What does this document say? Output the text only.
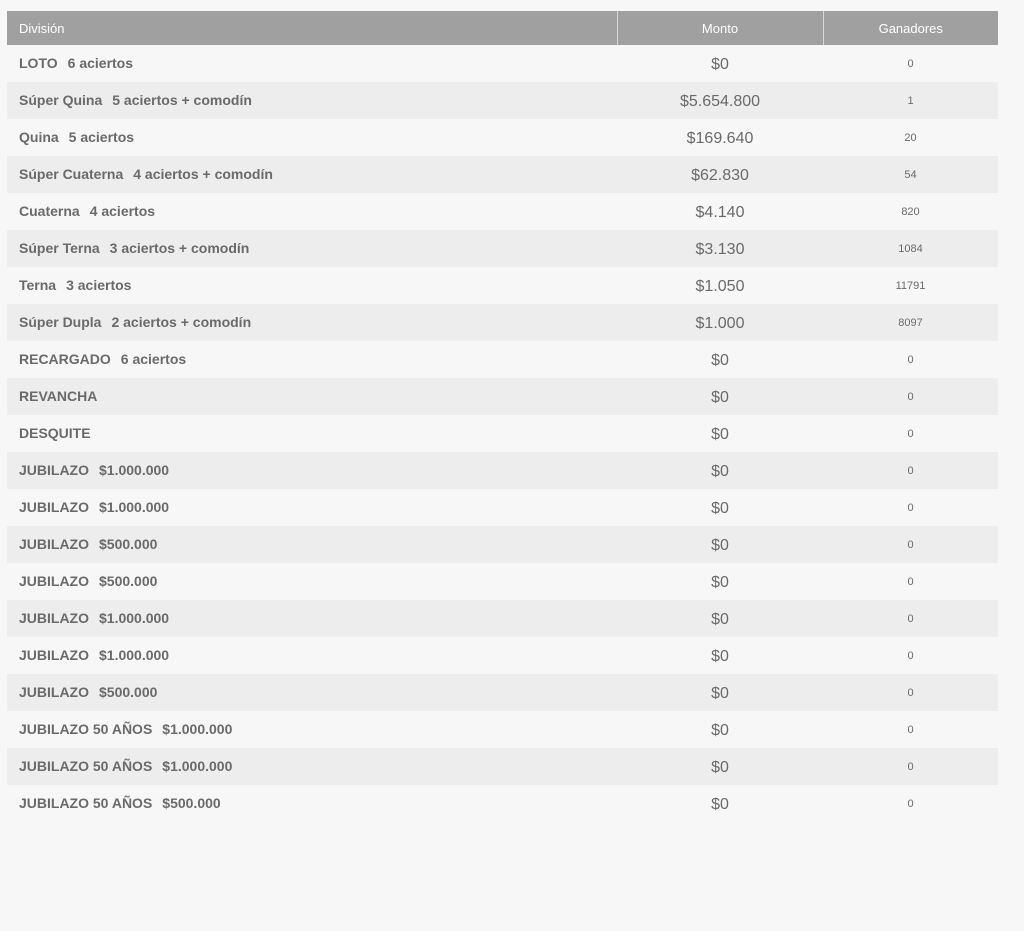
División	Monto	Ganadores
LOTO 6 aciertos	$0	0
Súper Quina 5 aciertos + comodín	$5.654.800	1
Quina 5 aciertos	$169.640	20
Súper Cuaterna 4 aciertos + comodín	$62.830	54
Cuaterna 4 aciertos	$4.140	820
Súper Terna 3 aciertos + comodín	$3.130	1084
Terna 3 aciertos	$1.050	11791
Súper Dupla 2 aciertos + comodín	$1.000	8097
RECARGADO 6 aciertos	$0	0
REVANCHA	$0	0
DESQUITE	$0	0
JUBILAZO $1.000.000	$0	0
JUBILAZO $1.000.000	$0	0
JUBILAZO $500.000	$0	0
JUBILAZO $500.000	$0	0
JUBILAZO $1.000.000	$0	0
JUBILAZO $1.000.000	$0	0
JUBILAZO $500.000	$0	0
JUBILAZO 50 AÑOS $1.000.000	$0	0
JUBILAZO 50 AÑOS $1.000.000	$0	0
JUBILAZO 50 AÑOS $500.000	$0	0
